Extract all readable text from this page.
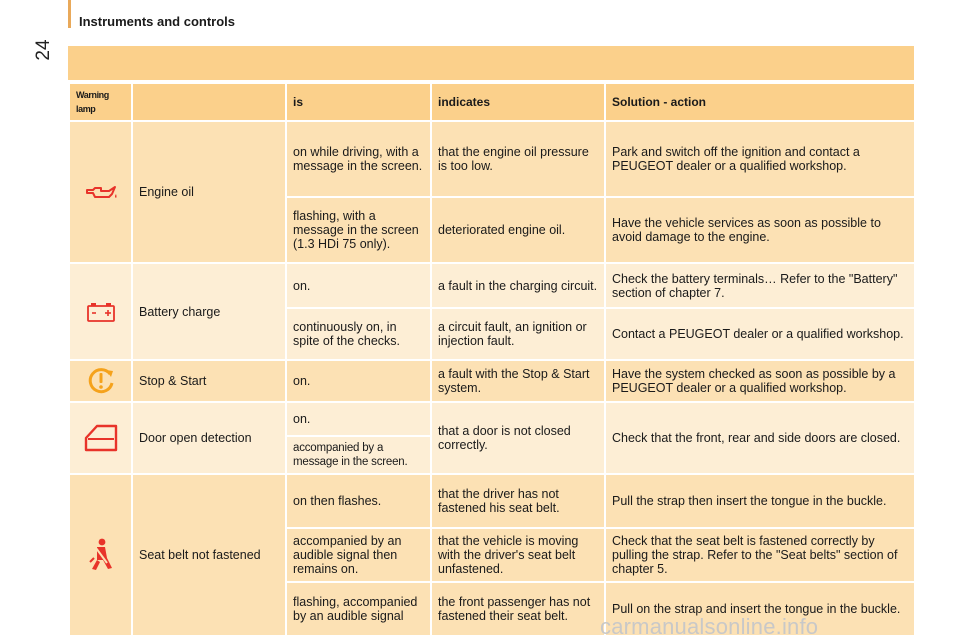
24
Instruments and controls
Warning lamp		is	indicates	Solution - action

	Engine oil	on while driving, with a message in the screen.	that the engine oil pressure is too low.	Park and switch off the ignition and contact a PEUGEOT dealer or a qualified workshop.
		flashing, with a message in the screen (1.3 HDi 75 only).	deteriorated engine oil.	Have the vehicle services as soon as possible to avoid damage to the engine.

	Battery charge	on.	a fault in the charging circuit.	Check the battery terminals… Refer to the "Battery" section of chapter 7.
		continuously on, in spite of the checks.	a circuit fault, an ignition or injection fault.	Contact a PEUGEOT dealer or a qualified workshop.

	Stop & Start	on.	a fault with the Stop & Start system.	Have the system checked as soon as possible by a PEUGEOT dealer or a qualified workshop.

	Door open detection	on.	that a door is not closed correctly.	Check that the front, rear and side doors are closed.
		accompanied by a message in the screen.		

	Seat belt not fastened	on then flashes.	that the driver has not fastened his seat belt.	Pull the strap then insert the tongue in the buckle.
		accompanied by an audible signal then remains on.	that the vehicle is moving with the driver's seat belt unfastened.	Check that the seat belt is fastened correctly by pulling the strap. Refer to the "Seat belts" section of chapter 5.
		flashing, accompanied by an audible signal	the front passenger has not fastened their seat belt.	Pull on the strap and insert the tongue in the buckle.
carmanualsonline.info
